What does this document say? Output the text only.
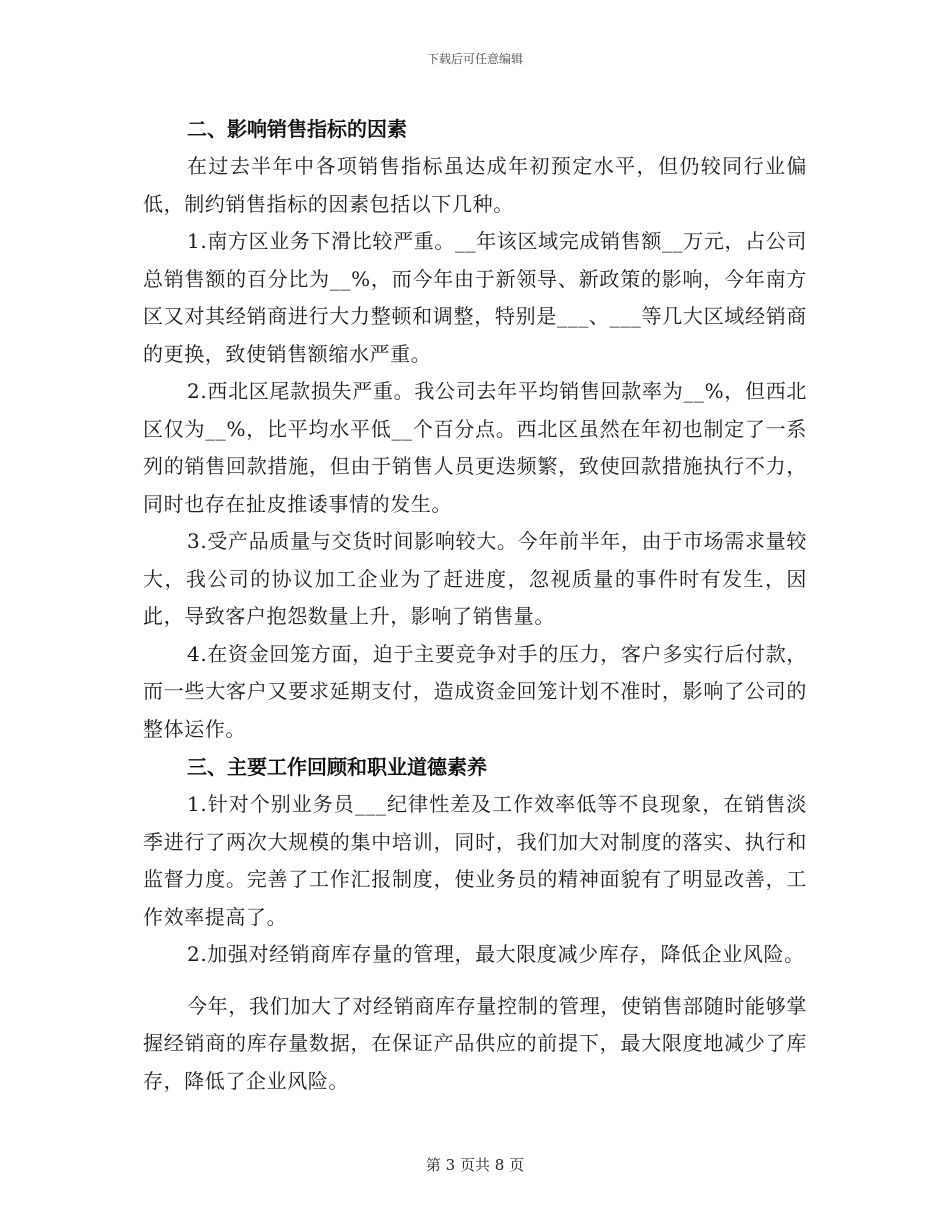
下载后可任意编辑

二、影响销售指标的因素

在过去半年中各项销售指标虽达成年初预定水平，但仍较同行业偏低，制约销售指标的因素包括以下几种。

1.南方区业务下滑比较严重。__年该区域完成销售额__万元，占公司总销售额的百分比为__%，而今年由于新领导、新政策的影响，今年南方区又对其经销商进行大力整顿和调整，特别是___、___等几大区域经销商的更换，致使销售额缩水严重。

2.西北区尾款损失严重。我公司去年平均销售回款率为__%，但西北区仅为__%，比平均水平低__个百分点。西北区虽然在年初也制定了一系列的销售回款措施，但由于销售人员更迭频繁，致使回款措施执行不力，同时也存在扯皮推诿事情的发生。

3.受产品质量与交货时间影响较大。今年前半年，由于市场需求量较大，我公司的协议加工企业为了赶进度，忽视质量的事件时有发生，因此，导致客户抱怨数量上升，影响了销售量。

4.在资金回笼方面，迫于主要竞争对手的压力，客户多实行后付款，而一些大客户又要求延期支付，造成资金回笼计划不准时，影响了公司的整体运作。

三、主要工作回顾和职业道德素养

1.针对个别业务员___纪律性差及工作效率低等不良现象，在销售淡季进行了两次大规模的集中培训，同时，我们加大对制度的落实、执行和监督力度。完善了工作汇报制度，使业务员的精神面貌有了明显改善，工作效率提高了。

2.加强对经销商库存量的管理，最大限度减少库存，降低企业风险。

今年，我们加大了对经销商库存量控制的管理，使销售部随时能够掌握经销商的库存量数据，在保证产品供应的前提下，最大限度地减少了库存，降低了企业风险。

第 3 页共 8 页
